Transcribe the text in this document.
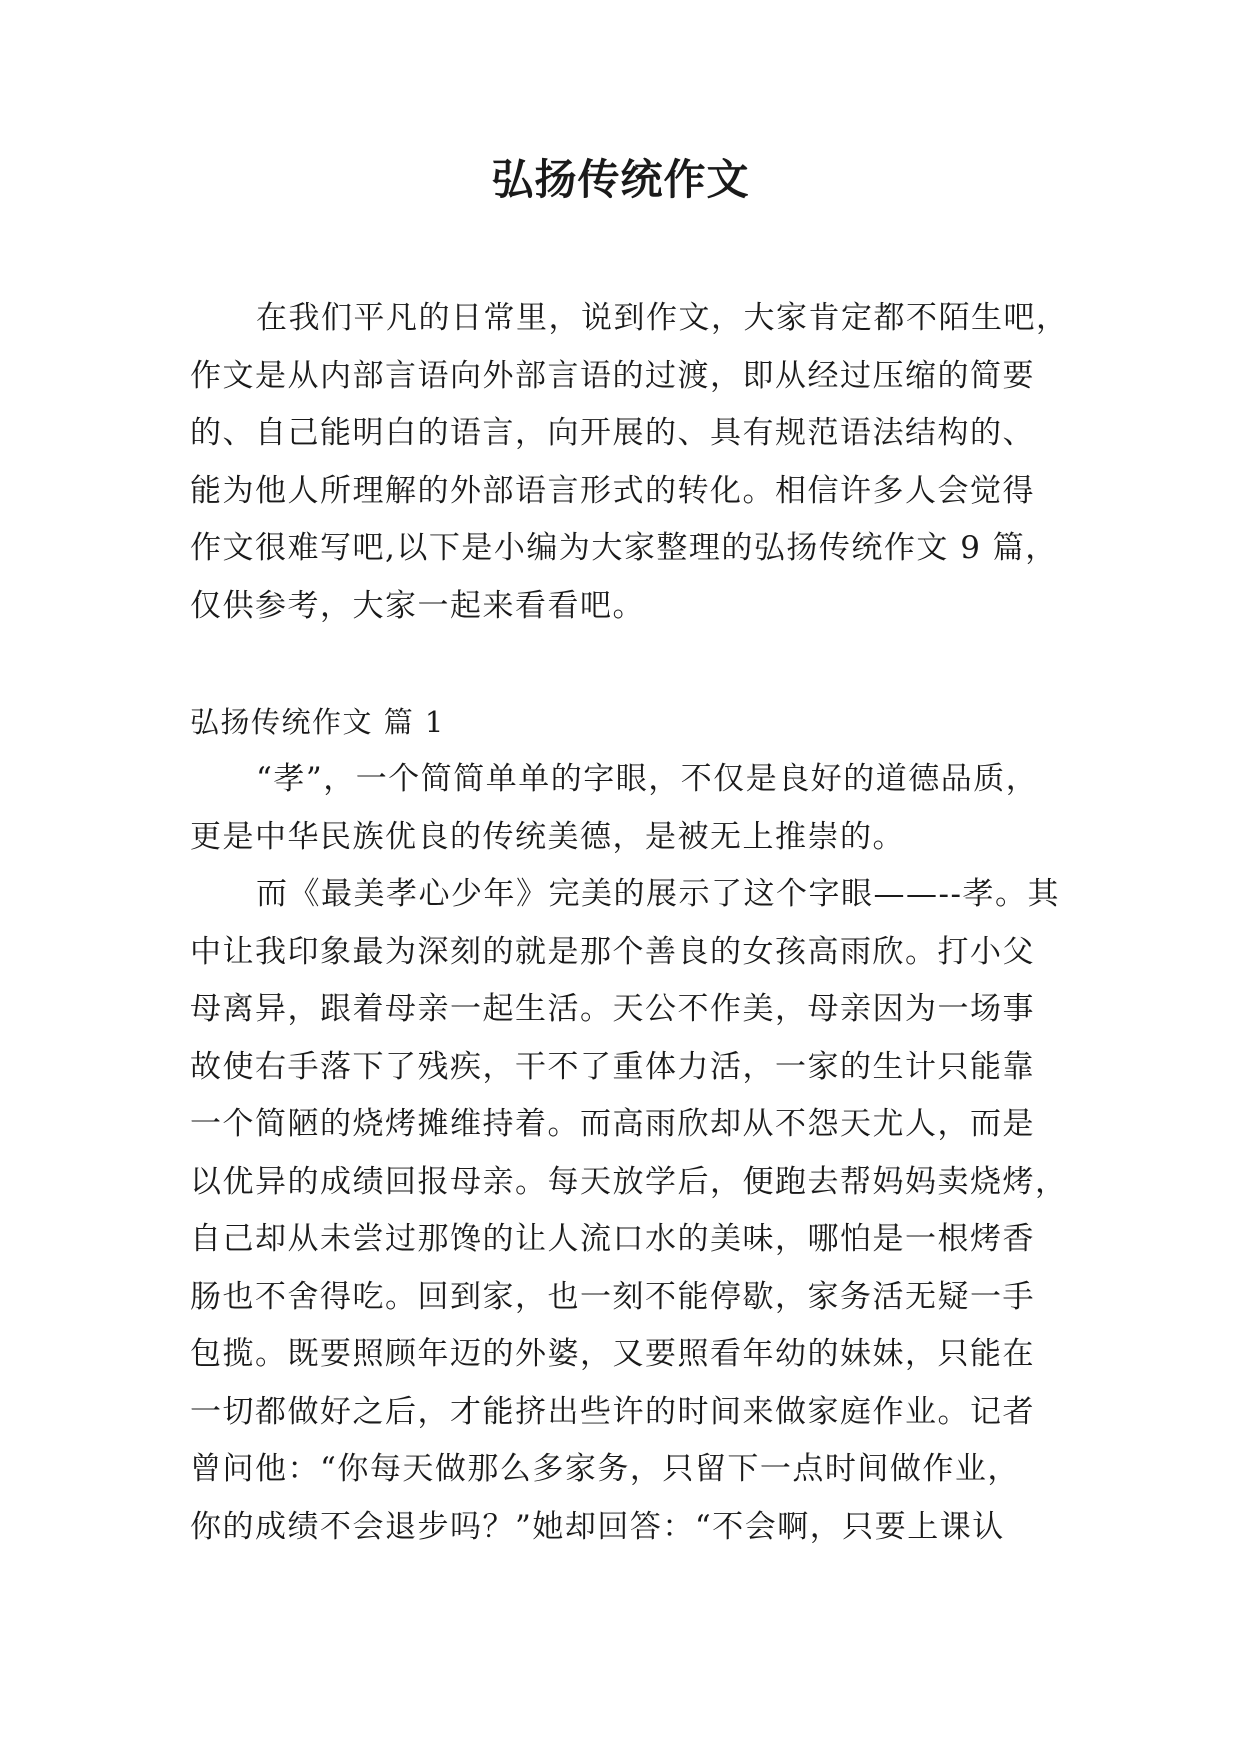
弘扬传统作文
在我们平凡的日常里，说到作文，大家肯定都不陌生吧，
作文是从内部言语向外部言语的过渡，即从经过压缩的简要
的、自己能明白的语言，向开展的、具有规范语法结构的、
能为他人所理解的外部语言形式的转化。相信许多人会觉得
作文很难写吧,以下是小编为大家整理的弘扬传统作文 9 篇，
仅供参考，大家一起来看看吧。
弘扬传统作文 篇 1
“孝”，一个简简单单的字眼，不仅是良好的道德品质，
更是中华民族优良的传统美德，是被无上推崇的。
而《最美孝心少年》完美的展示了这个字眼——--孝。其
中让我印象最为深刻的就是那个善良的女孩高雨欣。打小父
母离异，跟着母亲一起生活。天公不作美，母亲因为一场事
故使右手落下了残疾，干不了重体力活，一家的生计只能靠
一个简陋的烧烤摊维持着。而高雨欣却从不怨天尤人，而是
以优异的成绩回报母亲。每天放学后，便跑去帮妈妈卖烧烤，
自己却从未尝过那馋的让人流口水的美味，哪怕是一根烤香
肠也不舍得吃。回到家，也一刻不能停歇，家务活无疑一手
包揽。既要照顾年迈的外婆，又要照看年幼的妹妹，只能在
一切都做好之后，才能挤出些许的时间来做家庭作业。记者
曾问他：“你每天做那么多家务，只留下一点时间做作业，
你的成绩不会退步吗？”她却回答：“不会啊，只要上课认
